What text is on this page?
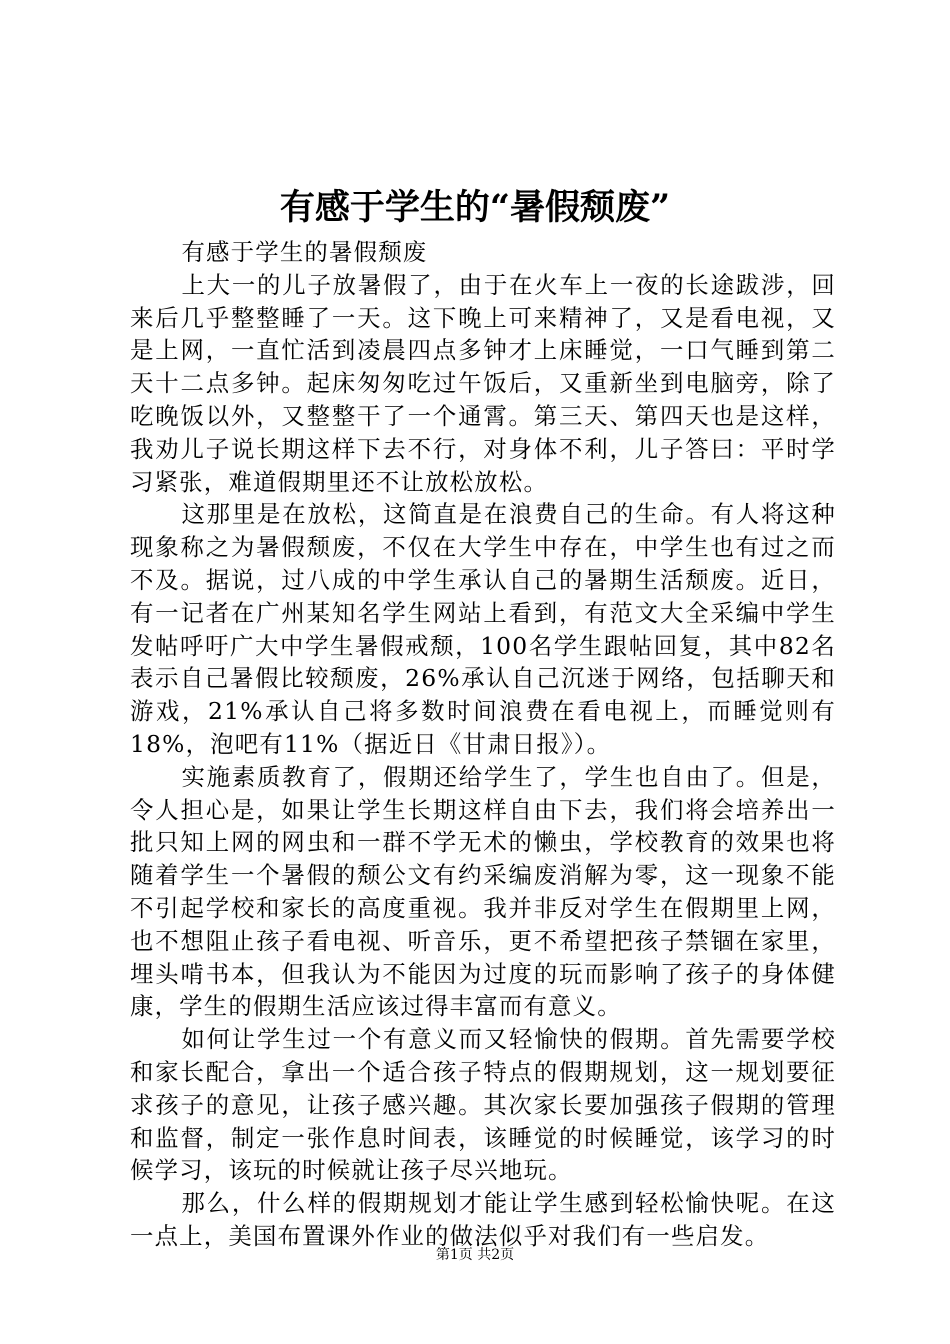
有感于学生的“暑假颓废”

有感于学生的暑假颓废

上大一的儿子放暑假了，由于在火车上一夜的长途跋涉，回来后几乎整整睡了一天。这下晚上可来精神了，又是看电视，又是上网，一直忙活到凌晨四点多钟才上床睡觉，一口气睡到第二天十二点多钟。起床匆匆吃过午饭后，又重新坐到电脑旁，除了吃晚饭以外，又整整干了一个通霄。第三天、第四天也是这样，我劝儿子说长期这样下去不行，对身体不利，儿子答曰：平时学习紧张，难道假期里还不让放松放松。

这那里是在放松，这简直是在浪费自己的生命。有人将这种现象称之为暑假颓废，不仅在大学生中存在，中学生也有过之而不及。据说，过八成的中学生承认自己的暑期生活颓废。近日，有一记者在广州某知名学生网站上看到，有范文大全采编中学生发帖呼吁广大中学生暑假戒颓，100名学生跟帖回复，其中82名表示自己暑假比较颓废，26%承认自己沉迷于网络，包括聊天和游戏，21%承认自己将多数时间浪费在看电视上，而睡觉则有18%，泡吧有11%（据近日《甘肃日报》）。

实施素质教育了，假期还给学生了，学生也自由了。但是，令人担心是，如果让学生长期这样自由下去，我们将会培养出一批只知上网的网虫和一群不学无术的懒虫，学校教育的效果也将随着学生一个暑假的颓公文有约采编废消解为零，这一现象不能不引起学校和家长的高度重视。我并非反对学生在假期里上网，也不想阻止孩子看电视、听音乐，更不希望把孩子禁锢在家里，埋头啃书本，但我认为不能因为过度的玩而影响了孩子的身体健康，学生的假期生活应该过得丰富而有意义。

如何让学生过一个有意义而又轻愉快的假期。首先需要学校和家长配合，拿出一个适合孩子特点的假期规划，这一规划要征求孩子的意见，让孩子感兴趣。其次家长要加强孩子假期的管理和监督，制定一张作息时间表，该睡觉的时候睡觉，该学习的时候学习，该玩的时候就让孩子尽兴地玩。

那么，什么样的假期规划才能让学生感到轻松愉快呢。在这一点上，美国布置课外作业的做法似乎对我们有一些启发。

第1页 共2页
